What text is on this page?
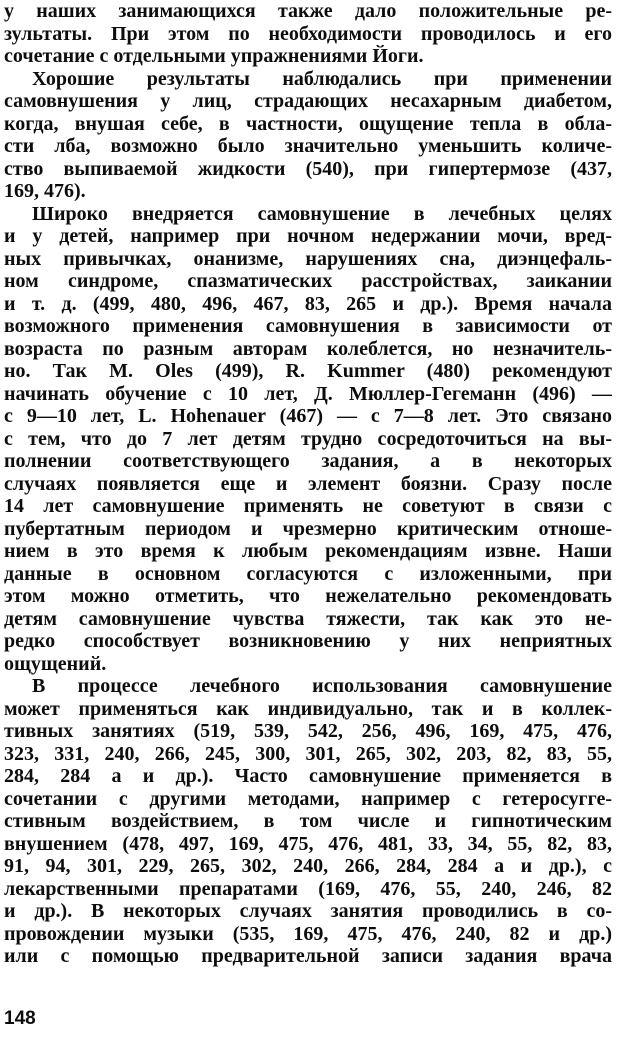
у наших занимающихся также дало положительные ре-
зультаты. При этом по необходимости проводилось и его
сочетание с отдельными упражнениями Йоги.
Хорошие результаты наблюдались при применении
самовнушения у лиц, страдающих несахарным диабетом,
когда, внушая себе, в частности, ощущение тепла в обла-
сти лба, возможно было значительно уменьшить количе-
ство выпиваемой жидкости (540), при гипертермозе (437,
169, 476).
Широко внедряется самовнушение в лечебных целях
и у детей, например при ночном недержании мочи, вред-
ных привычках, онанизме, нарушениях сна, диэнцефаль-
ном синдроме, спазматических расстройствах, заикании
и т. д. (499, 480, 496, 467, 83, 265 и др.). Время начала
возможного применения самовнушения в зависимости от
возраста по разным авторам колеблется, но незначитель-
но. Так M. Oles (499), R. Kummer (480) рекомендуют
начинать обучение с 10 лет, Д. Мюллер-Гегеманн (496) —
с 9—10 лет, L. Hohenauer (467) — с 7—8 лет. Это связано
с тем, что до 7 лет детям трудно сосредоточиться на вы-
полнении соответствующего задания, а в некоторых
случаях появляется еще и элемент боязни. Сразу после
14 лет самовнушение применять не советуют в связи с
пубертатным периодом и чрезмерно критическим отноше-
нием в это время к любым рекомендациям извне. Наши
данные в основном согласуются с изложенными, при
этом можно отметить, что нежелательно рекомендовать
детям самовнушение чувства тяжести, так как это не-
редко способствует возникновению у них неприятных
ощущений.
В процессе лечебного использования самовнушение
может применяться как индивидуально, так и в коллек-
тивных занятиях (519, 539, 542, 256, 496, 169, 475, 476,
323, 331, 240, 266, 245, 300, 301, 265, 302, 203, 82, 83, 55,
284, 284 а и др.). Часто самовнушение применяется в
сочетании с другими методами, например с гетеросугге-
стивным воздействием, в том числе и гипнотическим
внушением (478, 497, 169, 475, 476, 481, 33, 34, 55, 82, 83,
91, 94, 301, 229, 265, 302, 240, 266, 284, 284 а и др.), с
лекарственными препаратами (169, 476, 55, 240, 246, 82
и др.). В некоторых случаях занятия проводились в со-
провождении музыки (535, 169, 475, 476, 240, 82 и др.)
или с помощью предварительной записи задания врача
148
